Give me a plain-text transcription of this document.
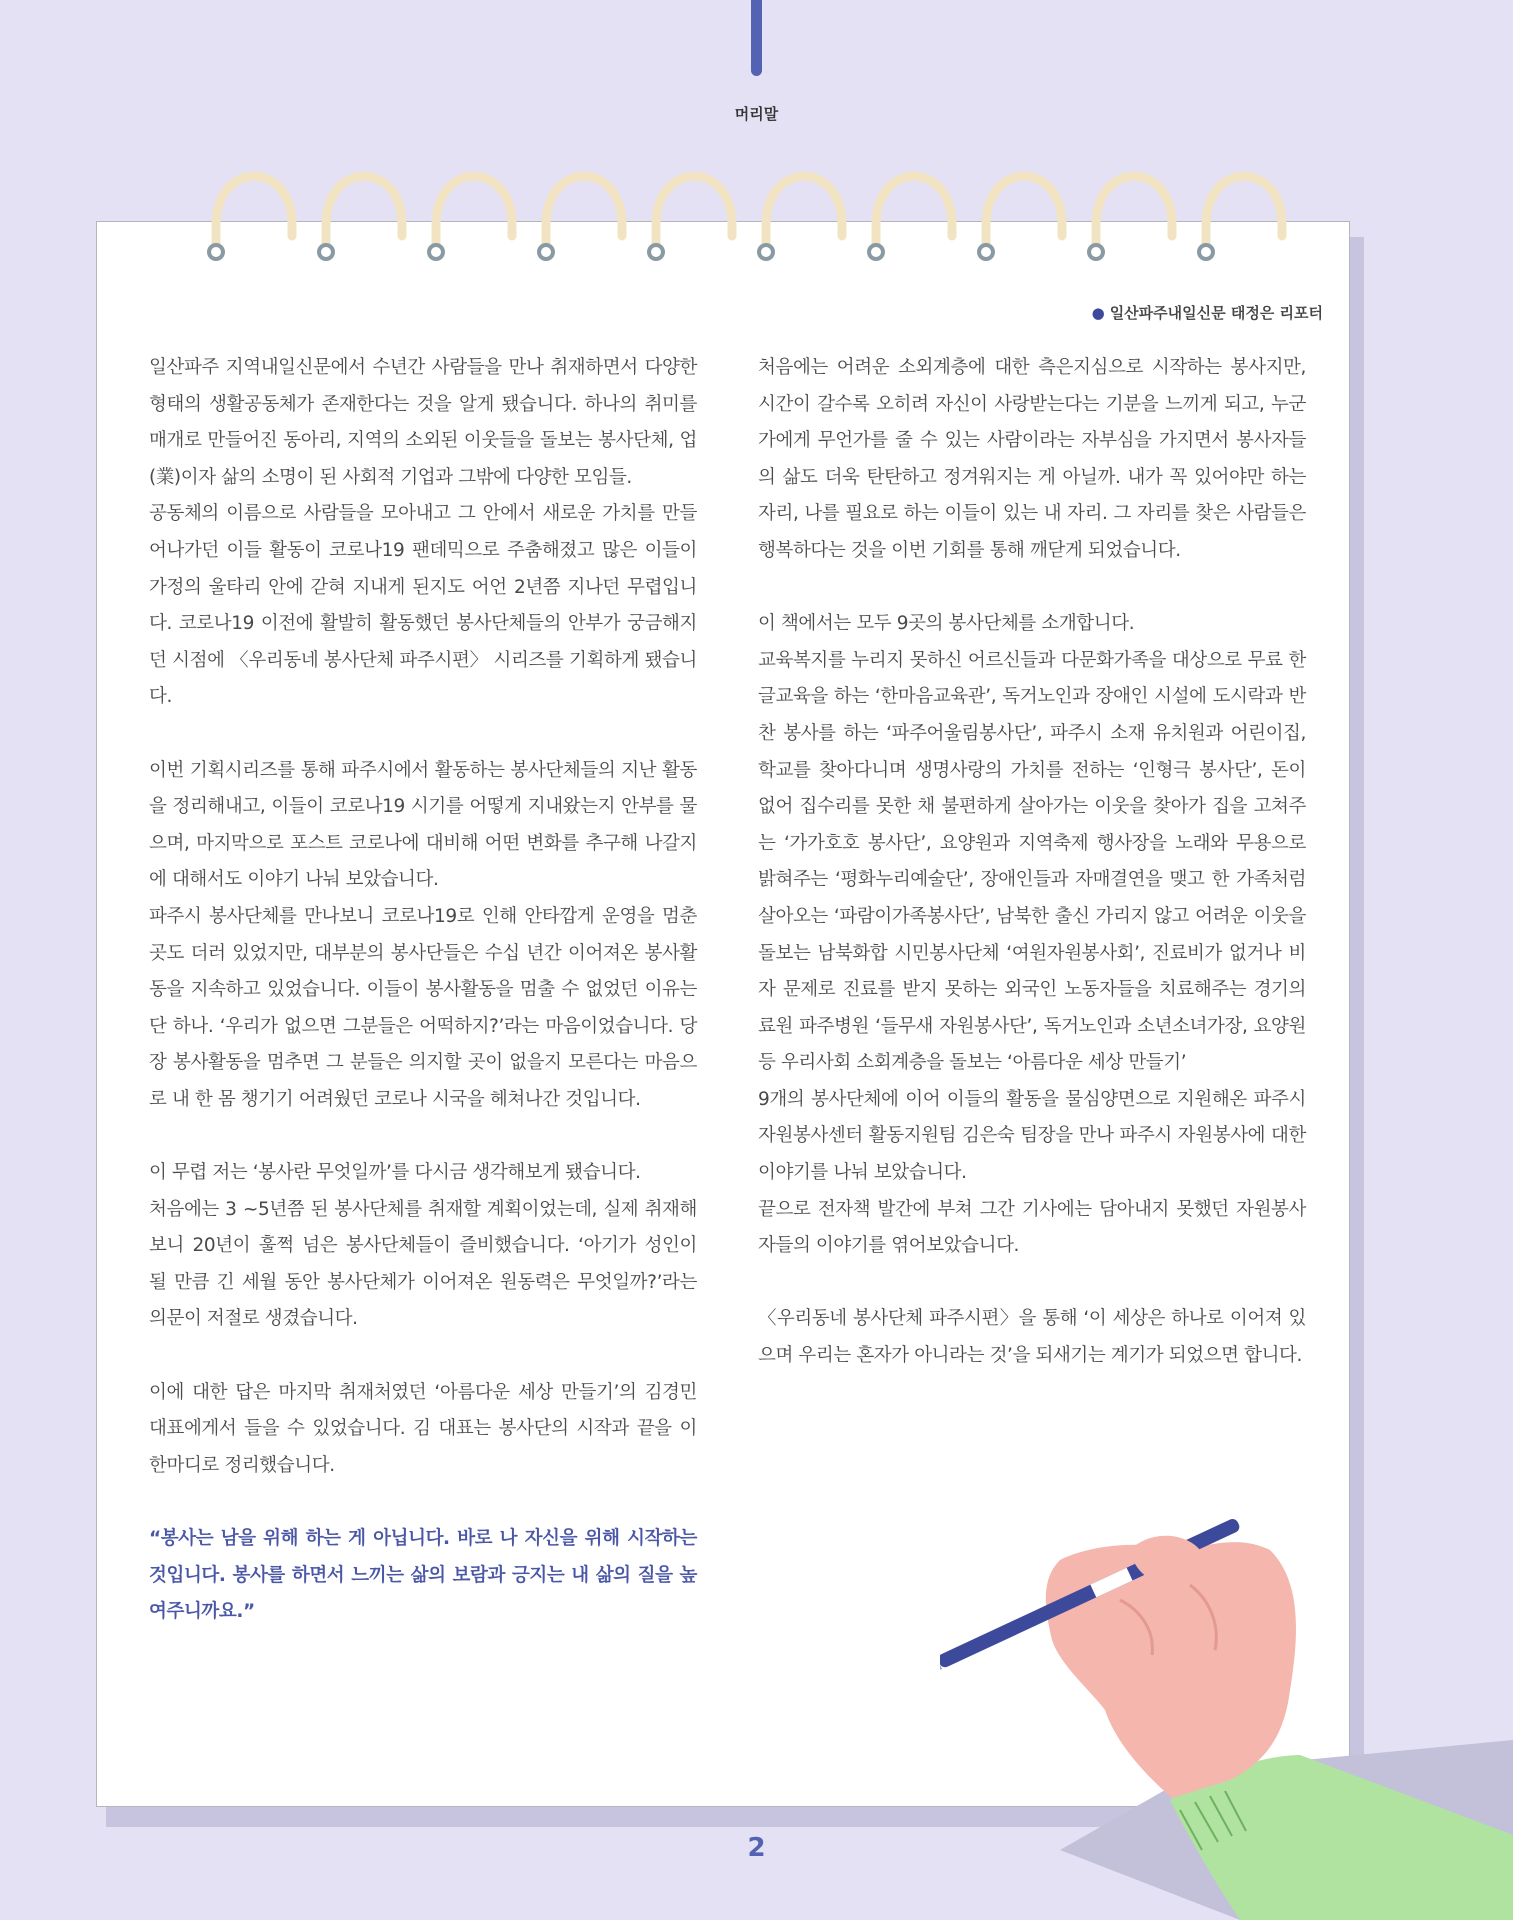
머리말
● 일산파주내일신문 태정은 리포터

일산파주 지역내일신문에서 수년간 사람들을 만나 취재하면서 다양한 형태의 생활공동체가 존재한다는 것을 알게 됐습니다. 하나의 취미를 매개로 만들어진 동아리, 지역의 소외된 이웃들을 돌보는 봉사단체, 업(業)이자 삶의 소명이 된 사회적 기업과 그밖에 다양한 모임들.

공동체의 이름으로 사람들을 모아내고 그 안에서 새로운 가치를 만들어나가던 이들 활동이 코로나19 팬데믹으로 주춤해졌고 많은 이들이 가정의 울타리 안에 갇혀 지내게 된지도 어언 2년쯤 지나던 무렵입니다. 코로나19 이전에 활발히 활동했던 봉사단체들의 안부가 궁금해지던 시점에 〈우리동네 봉사단체 파주시편〉 시리즈를 기획하게 됐습니다.

이번 기획시리즈를 통해 파주시에서 활동하는 봉사단체들의 지난 활동을 정리해내고, 이들이 코로나19 시기를 어떻게 지내왔는지 안부를 물으며, 마지막으로 포스트 코로나에 대비해 어떤 변화를 추구해 나갈지에 대해서도 이야기 나눠 보았습니다.

파주시 봉사단체를 만나보니 코로나19로 인해 안타깝게 운영을 멈춘 곳도 더러 있었지만, 대부분의 봉사단들은 수십 년간 이어져온 봉사활동을 지속하고 있었습니다. 이들이 봉사활동을 멈출 수 없었던 이유는 단 하나. ‘우리가 없으면 그분들은 어떡하지?’라는 마음이었습니다. 당장 봉사활동을 멈추면 그 분들은 의지할 곳이 없을지 모른다는 마음으로 내 한 몸 챙기기 어려웠던 코로나 시국을 헤쳐나간 것입니다.

이 무렵 저는 ‘봉사란 무엇일까’를 다시금 생각해보게 됐습니다.

처음에는 3 ~5년쯤 된 봉사단체를 취재할 계획이었는데, 실제 취재해보니 20년이 훌쩍 넘은 봉사단체들이 즐비했습니다. ‘아기가 성인이 될 만큼 긴 세월 동안 봉사단체가 이어져온 원동력은 무엇일까?’라는 의문이 저절로 생겼습니다.

이에 대한 답은 마지막 취재처였던 ‘아름다운 세상 만들기’의 김경민 대표에게서 들을 수 있었습니다. 김 대표는 봉사단의 시작과 끝을 이 한마디로 정리했습니다.

“봉사는 남을 위해 하는 게 아닙니다. 바로 나 자신을 위해 시작하는 것입니다. 봉사를 하면서 느끼는 삶의 보람과 긍지는 내 삶의 질을 높여주니까요.”

처음에는 어려운 소외계층에 대한 측은지심으로 시작하는 봉사지만, 시간이 갈수록 오히려 자신이 사랑받는다는 기분을 느끼게 되고, 누군가에게 무언가를 줄 수 있는 사람이라는 자부심을 가지면서 봉사자들의 삶도 더욱 탄탄하고 정겨워지는 게 아닐까. 내가 꼭 있어야만 하는 자리, 나를 필요로 하는 이들이 있는 내 자리. 그 자리를 찾은 사람들은 행복하다는 것을 이번 기회를 통해 깨닫게 되었습니다.

이 책에서는 모두 9곳의 봉사단체를 소개합니다.

교육복지를 누리지 못하신 어르신들과 다문화가족을 대상으로 무료 한글교육을 하는 ‘한마음교육관’, 독거노인과 장애인 시설에 도시락과 반찬 봉사를 하는 ‘파주어울림봉사단’, 파주시 소재 유치원과 어린이집, 학교를 찾아다니며 생명사랑의 가치를 전하는 ‘인형극 봉사단’, 돈이 없어 집수리를 못한 채 불편하게 살아가는 이웃을 찾아가 집을 고쳐주는 ‘가가호호 봉사단’, 요양원과 지역축제 행사장을 노래와 무용으로 밝혀주는 ‘평화누리예술단’, 장애인들과 자매결연을 맺고 한 가족처럼 살아오는 ‘파람이가족봉사단’, 남북한 출신 가리지 않고 어려운 이웃을 돌보는 남북화합 시민봉사단체 ‘여원자원봉사회’, 진료비가 없거나 비자 문제로 진료를 받지 못하는 외국인 노동자들을 치료해주는 경기의료원 파주병원 ‘들무새 자원봉사단’, 독거노인과 소년소녀가장, 요양원 등 우리사회 소회계층을 돌보는 ‘아름다운 세상 만들기’

9개의 봉사단체에 이어 이들의 활동을 물심양면으로 지원해온 파주시자원봉사센터 활동지원팀 김은숙 팀장을 만나 파주시 자원봉사에 대한 이야기를 나눠 보았습니다.

끝으로 전자책 발간에 부쳐 그간 기사에는 담아내지 못했던 자원봉사자들의 이야기를 엮어보았습니다.

〈우리동네 봉사단체 파주시편〉을 통해 ‘이 세상은 하나로 이어져 있으며 우리는 혼자가 아니라는 것’을 되새기는 계기가 되었으면 합니다.

2
